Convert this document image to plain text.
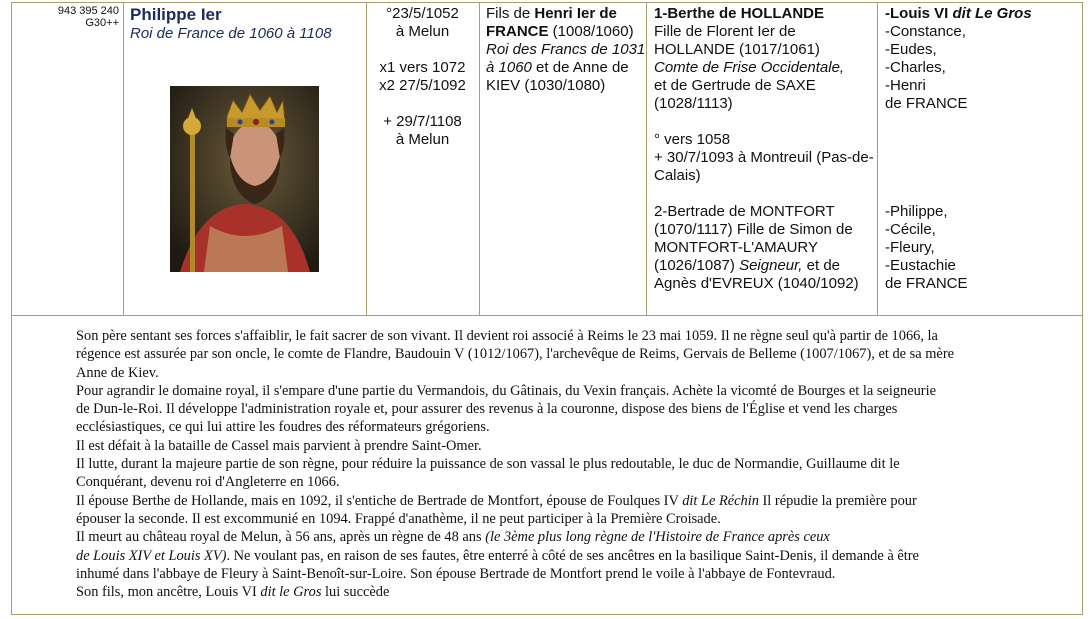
943 395 240
G30++ Philippe Ier
Roi de France de 1060 à 1108
°23/5/1052
à Melun
x1 vers 1072
x2 27/5/1092
+ 29/7/1108
à Melun
Fils de Henri Ier de FRANCE (1008/1060) Roi des Francs de 1031 à 1060 et de Anne de KIEV (1030/1080)
1-Berthe de HOLLANDE
Fille de Florent Ier de HOLLANDE (1017/1061)
Comte de Frise Occidentale,
et de Gertrude de SAXE (1028/1113)
° vers 1058
+ 30/7/1093 à Montreuil (Pas-de-Calais)
2-Bertrade de MONTFORT (1070/1117) Fille de Simon de MONTFORT-L'AMAURY (1026/1087) Seigneur, et de Agnès d'EVREUX (1040/1092)
-Louis VI dit Le Gros
-Constance,
-Eudes,
-Charles,
-Henri
de FRANCE
-Philippe,
-Cécile,
-Fleury,
-Eustachie
de FRANCE
Son père sentant ses forces s'affaiblir, le fait sacrer de son vivant. Il devient roi associé à Reims le 23 mai 1059. Il ne règne seul qu'à partir de 1066, la
régence est assurée par son oncle, le comte de Flandre, Baudouin V (1012/1067), l'archevêque de Reims, Gervais de Belleme (1007/1067), et de sa mère
Anne de Kiev.
Pour agrandir le domaine royal, il s'empare d'une partie du Vermandois, du Gâtinais, du Vexin français. Achète la vicomté de Bourges et la seigneurie
de Dun-le-Roi. Il développe l'administration royale et, pour assurer des revenus à la couronne, dispose des biens de l'Église et vend les charges
ecclésiastiques, ce qui lui attire les foudres des réformateurs grégoriens.
Il est défait à la bataille de Cassel mais parvient à prendre Saint-Omer.
Il lutte, durant la majeure partie de son règne, pour réduire la puissance de son vassal le plus redoutable, le duc de Normandie, Guillaume dit le
Conquérant, devenu roi d'Angleterre en 1066.
Il épouse Berthe de Hollande, mais en 1092, il s'entiche de Bertrade de Montfort, épouse de Foulques IV dit Le Réchin Il répudie la première pour
épouser la seconde. Il est excommunié en 1094. Frappé d'anathème, il ne peut participer à la Première Croisade.
Il meurt au château royal de Melun, à 56 ans, après un règne de 48 ans (le 3ème plus long règne de l'Histoire de France après ceux
de Louis XIV et Louis XV). Ne voulant pas, en raison de ses fautes, être enterré à côté de ses ancêtres en la basilique Saint-Denis, il demande à être
inhumé dans l'abbaye de Fleury à Saint-Benoît-sur-Loire. Son épouse Bertrade de Montfort prend le voile à l'abbaye de Fontevraud.
Son fils, mon ancêtre, Louis VI dit le Gros lui succède
